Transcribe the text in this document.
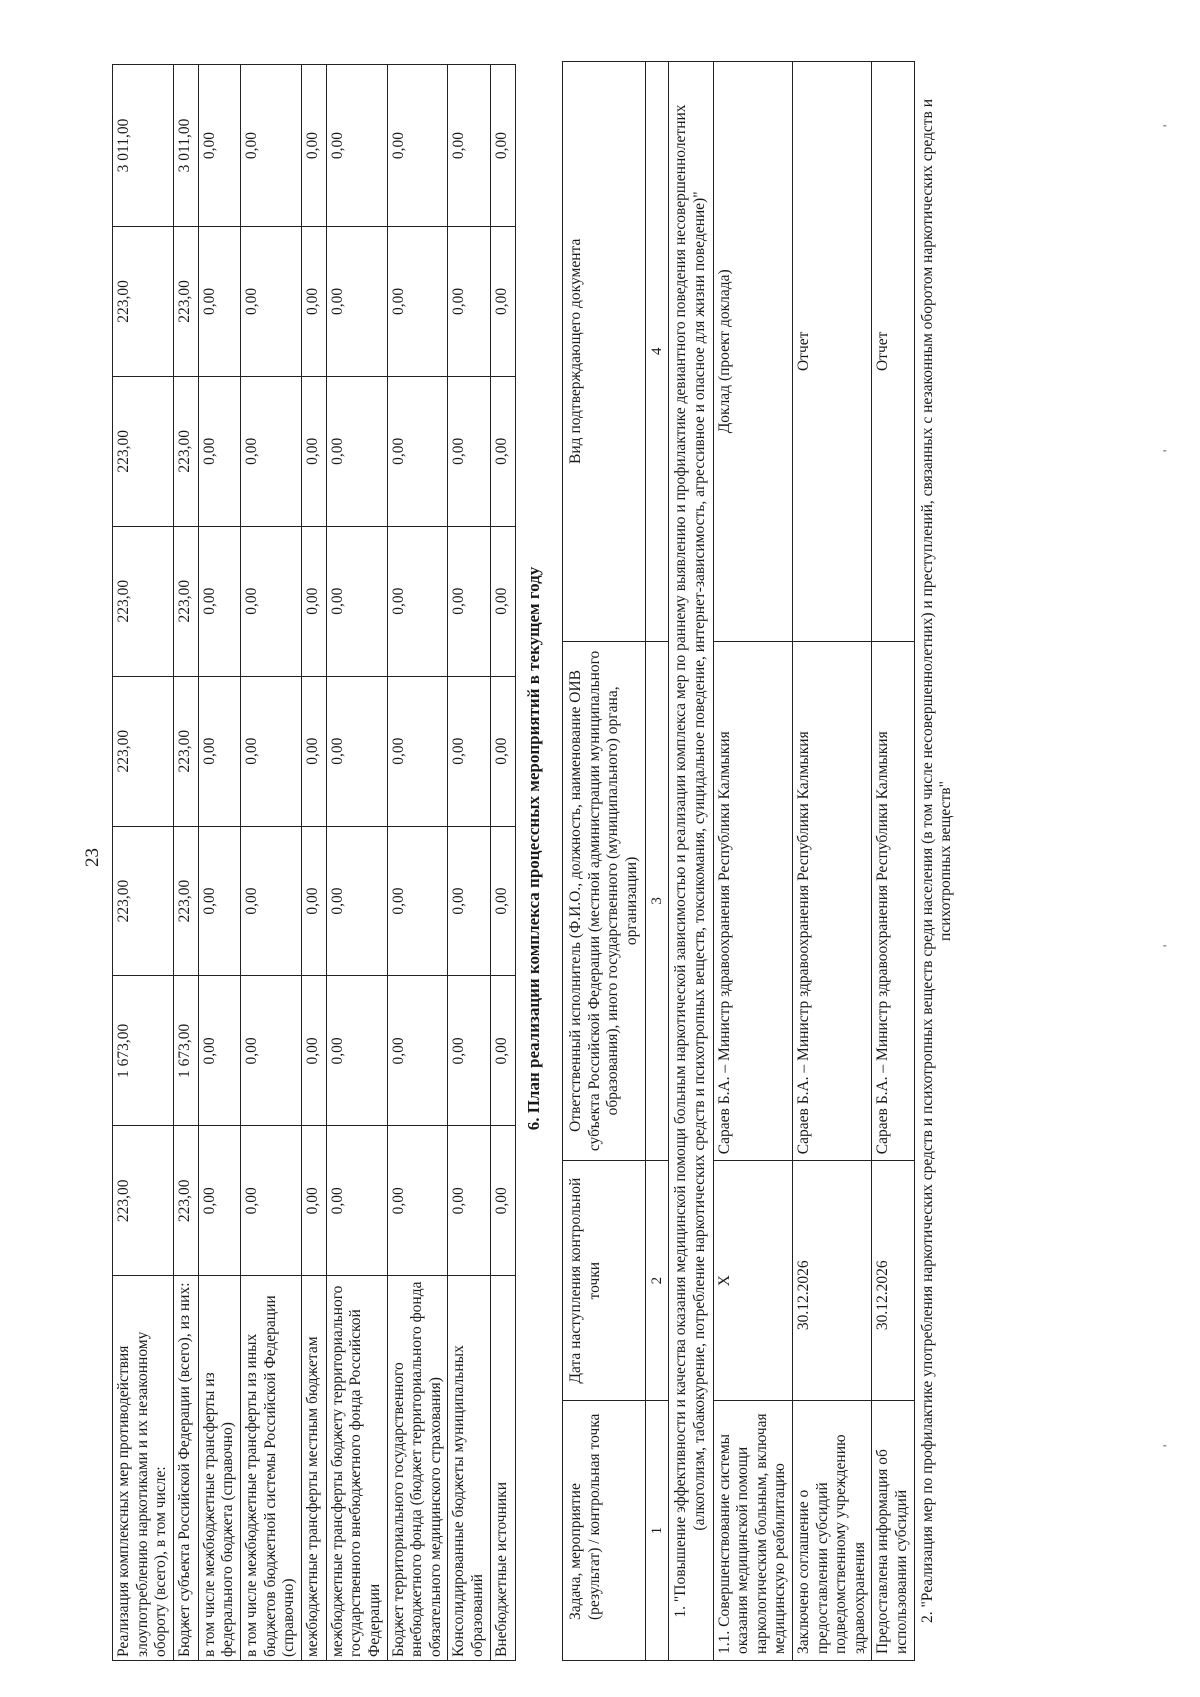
23
Реализация комплексных мер противодействия злоупотреблению наркотиками и их незаконному обороту (всего), в том числе:	223,00	1 673,00	223,00	223,00	223,00	223,00	223,00	3 011,00
Бюджет субъекта Российской Федерации (всего), из них:	223,00	1 673,00	223,00	223,00	223,00	223,00	223,00	3 011,00
в том числе межбюджетные трансферты из федерального бюджета (справочно)	0,00	0,00	0,00	0,00	0,00	0,00	0,00	0,00
в том числе межбюджетные трансферты из иных бюджетов бюджетной системы Российской Федерации (справочно)	0,00	0,00	0,00	0,00	0,00	0,00	0,00	0,00
межбюджетные трансферты местным бюджетам	0,00	0,00	0,00	0,00	0,00	0,00	0,00	0,00
межбюджетные трансферты бюджету территориального государственного внебюджетного фонда Российской Федерации	0,00	0,00	0,00	0,00	0,00	0,00	0,00	0,00
Бюджет территориального государственного внебюджетного фонда (бюджет территориального фонда обязательного медицинского страхования)	0,00	0,00	0,00	0,00	0,00	0,00	0,00	0,00
Консолидированные бюджеты муниципальных образований	0,00	0,00	0,00	0,00	0,00	0,00	0,00	0,00
Внебюджетные источники	0,00	0,00	0,00	0,00	0,00	0,00	0,00	0,00
6. План реализации комплекса процессных мероприятий в текущем году
Задача, мероприятие (результат) / контрольная точка	Дата наступления контрольной точки	Ответственный исполнитель (Ф.И.О., должность, наименование ОИВ субъекта Российской Федерации (местной администрации муниципального образования), иного государственного (муниципального) органа, организации)	Вид подтверждающего документа
1	2	3	4
1. "Повышение эффективности и качества оказания медицинской помощи больным наркотической зависимостью и реализации комплекса мер по раннему выявлению и профилактике девиантного поведения несовершеннолетних (алкоголизм, табакокурение, потребление наркотических средств и психотропных веществ, токсикомания, суицидальное поведение, интернет-зависимость, агрессивное и опасное для жизни поведение)"			
1.1. Совершенствование системы оказания медицинской помощи наркологическим больным, включая медицинскую реабилитацию	X	Сараев Б.А. – Министр здравоохранения Республики Калмыкия	Доклад (проект доклада)
Заключено соглашение о предоставлении субсидий подведомственному учреждению здравоохранения	30.12.2026	Сараев Б.А. – Министр здравоохранения Республики Калмыкия	Отчет
Предоставлена информация об использовании субсидий	30.12.2026	Сараев Б.А. – Министр здравоохранения Республики Калмыкия	Отчет
2. "Реализация мер по профилактике употребления наркотических средств и психотропных веществ среди населения (в том числе несовершеннолетних) и преступлений, связанных с незаконным оборотом наркотических средств и психотропных веществ"			
'
'
'
'
